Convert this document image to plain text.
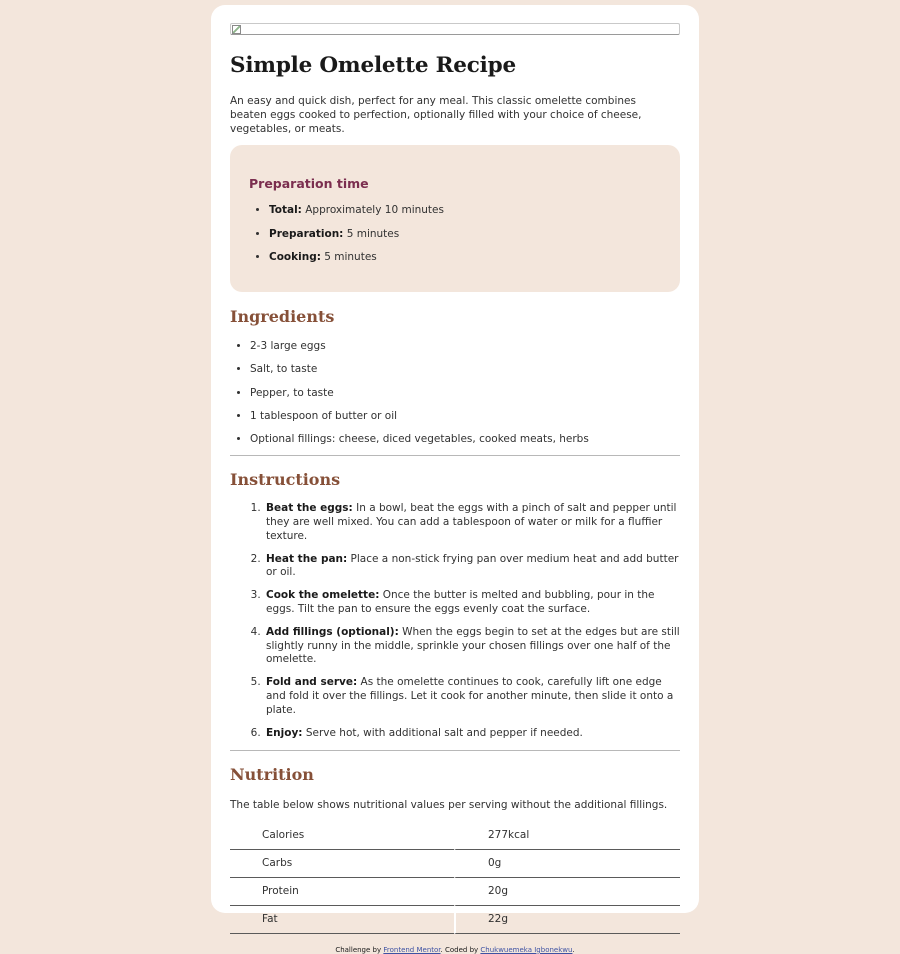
Simple Omelette Recipe

An easy and quick dish, perfect for any meal. This classic omelette combines beaten eggs cooked to perfection, optionally filled with your choice of cheese, vegetables, or meats.

Preparation time
• Total: Approximately 10 minutes
• Preparation: 5 minutes
• Cooking: 5 minutes
Ingredients
• 2-3 large eggs
• Salt, to taste
• Pepper, to taste
• 1 tablespoon of butter or oil
• Optional fillings: cheese, diced vegetables, cooked meats, herbs
Instructions
1. Beat the eggs: In a bowl, beat the eggs with a pinch of salt and pepper until they are well mixed. You can add a tablespoon of water or milk for a fluffier texture.
2. Heat the pan: Place a non-stick frying pan over medium heat and add butter or oil.
3. Cook the omelette: Once the butter is melted and bubbling, pour in the eggs. Tilt the pan to ensure the eggs evenly coat the surface.
4. Add fillings (optional): When the eggs begin to set at the edges but are still slightly runny in the middle, sprinkle your chosen fillings over one half of the omelette.
5. Fold and serve: As the omelette continues to cook, carefully lift one edge and fold it over the fillings. Let it cook for another minute, then slide it onto a plate.
6. Enjoy: Serve hot, with additional salt and pepper if needed.
Nutrition

The table below shows nutritional values per serving without the additional fillings.

Calories	277kcal
Carbs	0g
Protein	20g
Fat	22g
Challenge by Frontend Mentor. Coded by Chukwuemeka Igbonekwu.
